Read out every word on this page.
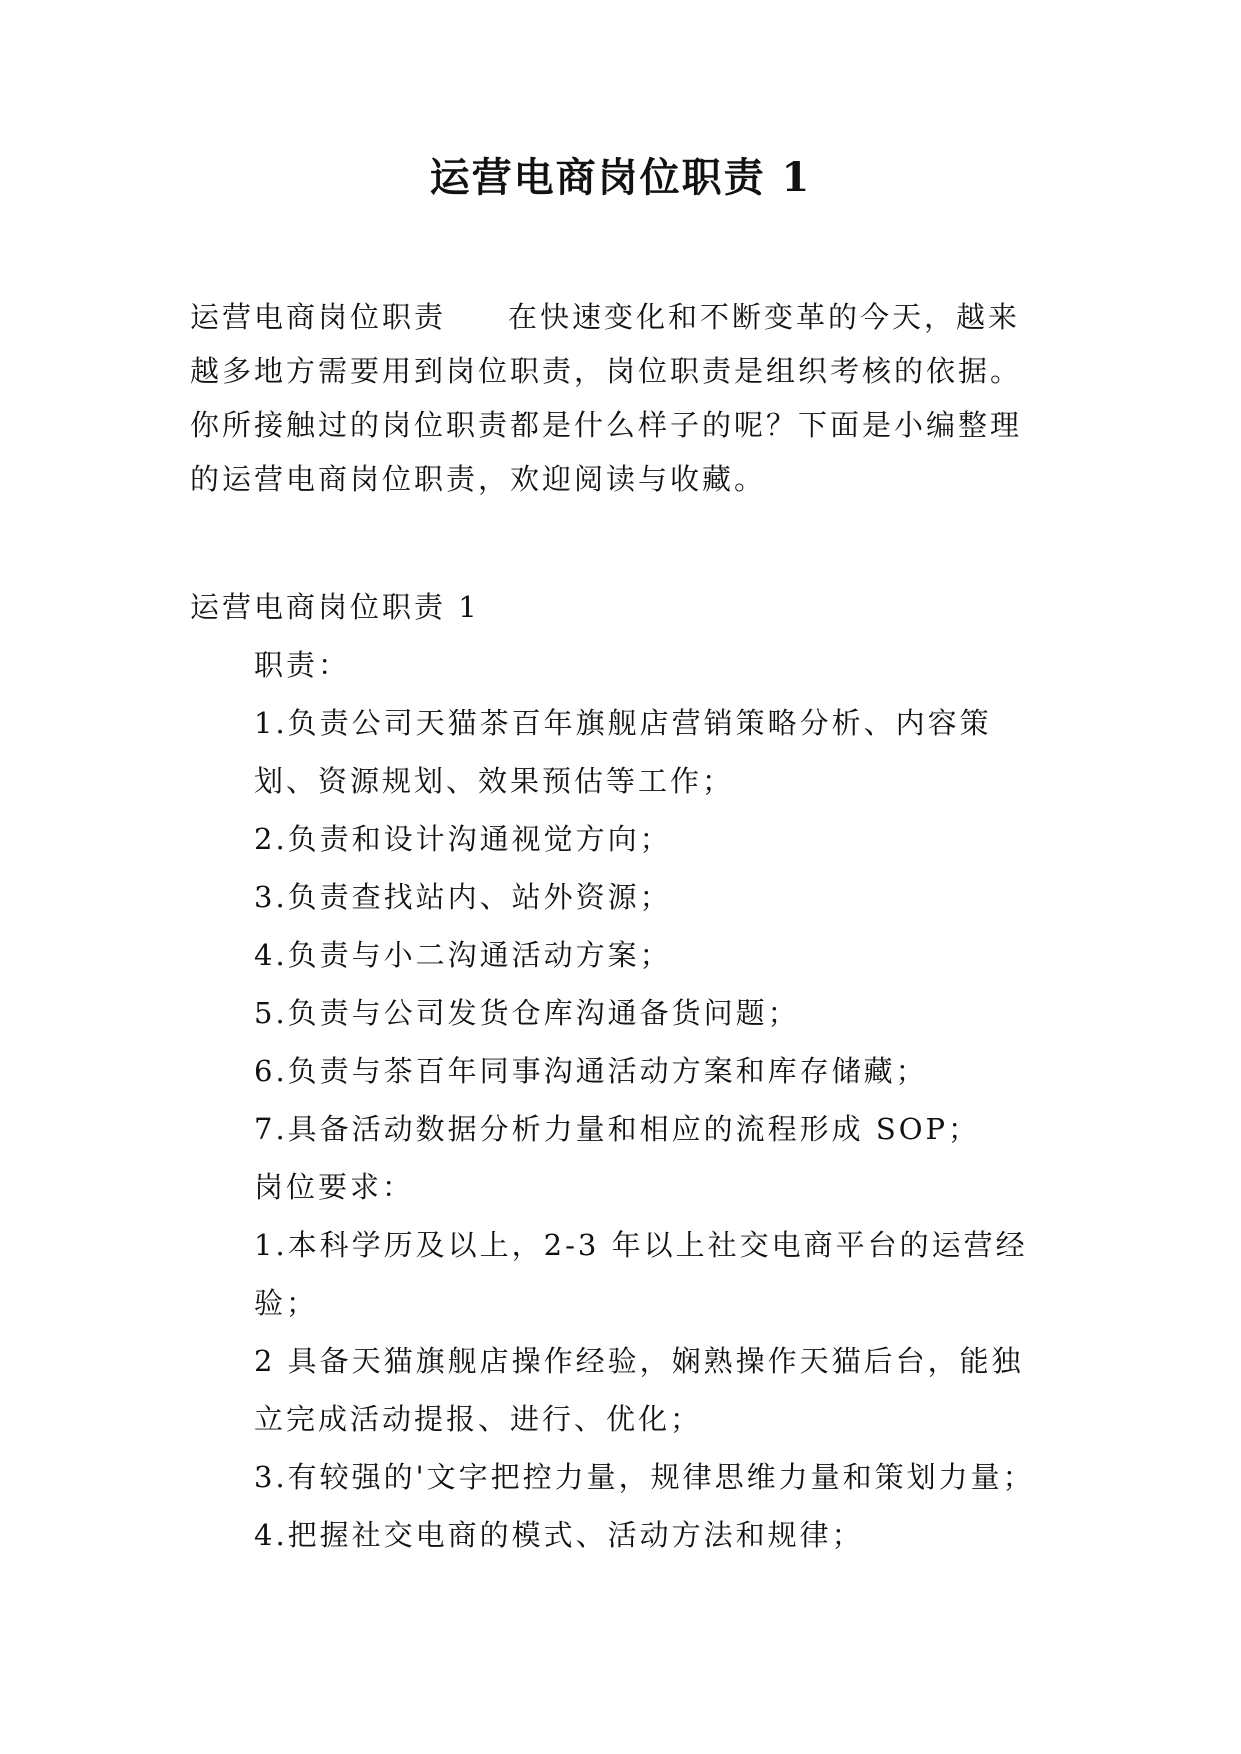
运营电商岗位职责 1
运营电商岗位职责 在快速变化和不断变革的今天，越来越多地方需要用到岗位职责，岗位职责是组织考核的依据。你所接触过的岗位职责都是什么样子的呢？下面是小编整理的运营电商岗位职责，欢迎阅读与收藏。
运营电商岗位职责 1
职责：
1.负责公司天猫茶百年旗舰店营销策略分析、内容策划、资源规划、效果预估等工作；
2.负责和设计沟通视觉方向；
3.负责查找站内、站外资源；
4.负责与小二沟通活动方案；
5.负责与公司发货仓库沟通备货问题；
6.负责与茶百年同事沟通活动方案和库存储藏；
7.具备活动数据分析力量和相应的流程形成 SOP；
岗位要求：
1.本科学历及以上，2-3 年以上社交电商平台的运营经验；
2 具备天猫旗舰店操作经验，娴熟操作天猫后台，能独立完成活动提报、进行、优化；
3.有较强的'文字把控力量，规律思维力量和策划力量；
4.把握社交电商的模式、活动方法和规律；
